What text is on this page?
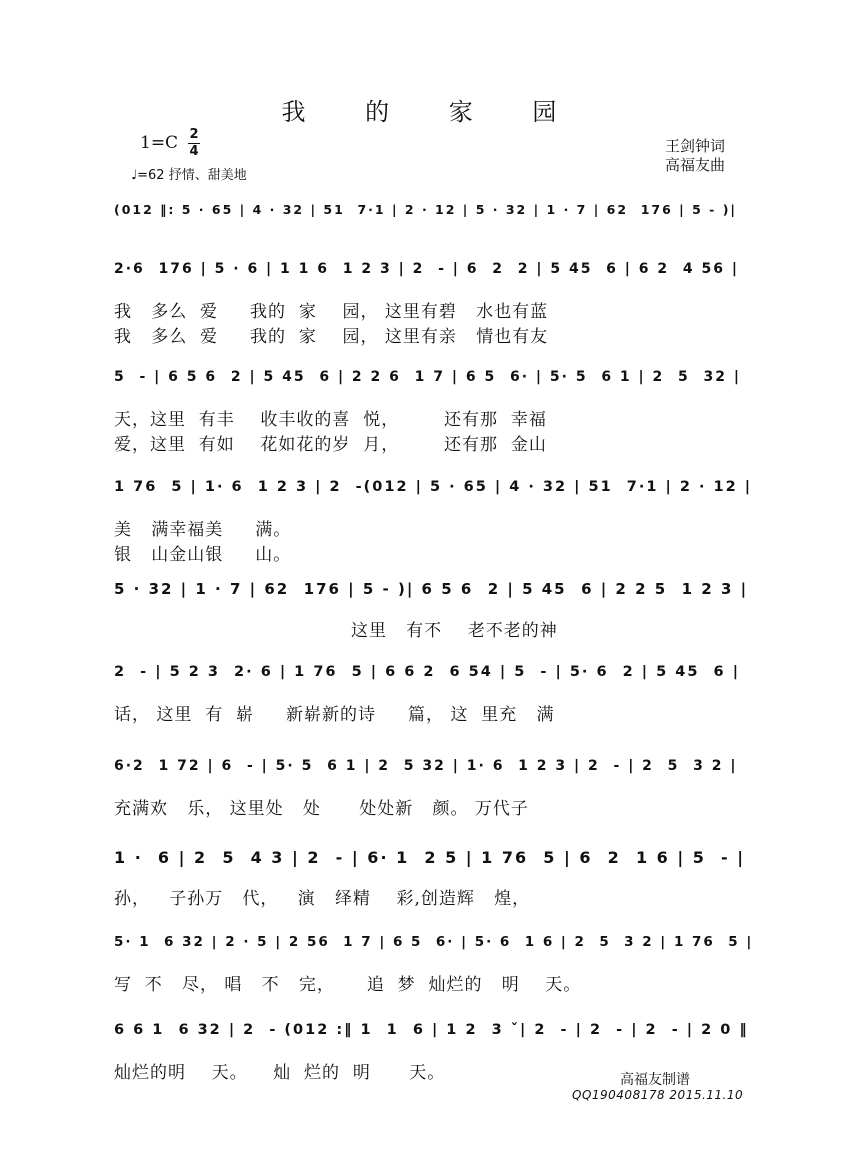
我 的 家 园
1=C 2
4
♩=62 抒情、甜美地
王剑钟词
高福友曲
(012 ‖: 5 · 65 | 4 · 32 | 51  7·1 | 2 · 12 | 5 · 32 | 1 · 7 | 62  176 | 5 - )|
2·6  176 | 5 · 6 | 1 1 6  1 2 3 | 2  - | 6  2  2 | 5 45  6 | 6 2  4 56 |
我   多么  爱     我的  家    园， 这里有碧   水也有蓝
我   多么  爱     我的  家    园， 这里有亲   情也有友
5  - | 6 5 6  2 | 5 45  6 | 2 2 6  1 7 | 6 5  6· | 5· 5  6 1 | 2  5  32 |
天，这里  有丰    收丰收的喜  悦，       还有那  幸福
爱，这里  有如    花如花的岁  月，       还有那  金山
1 76  5 | 1· 6  1 2 3 | 2  -(012 | 5 · 65 | 4 · 32 | 51  7·1 | 2 · 12 |
美   满幸福美     满。
银   山金山银     山。
5 · 32 | 1 · 7 | 62  176 | 5 - )| 6 5 6  2 | 5 45  6 | 2 2 5  1 2 3 |
这里   有不    老不老的神
2  - | 5 2 3  2· 6 | 1 76  5 | 6 6 2  6 54 | 5  - | 5· 6  2 | 5 45  6 |
话， 这里  有  崭     新崭新的诗     篇， 这  里充   满
6·2  1 72 | 6  - | 5· 5  6 1 | 2  5 32 | 1· 6  1 2 3 | 2  - | 2  5  3 2 |
充满欢   乐， 这里处   处      处处新   颜。 万代子
1 ·  6 | 2  5  4 3 | 2  - | 6· 1  2 5 | 1 76  5 | 6  2  1 6 | 5  - |
孙，   子孙万   代，   演   绎精    彩,创造辉   煌，
5· 1  6 32 | 2 · 5 | 2 56  1 7 | 6 5  6· | 5· 6  1 6 | 2  5  3 2 | 1 76  5 |
写  不   尽， 唱   不   完，     追  梦  灿烂的   明    天。
6 6 1  6 32 | 2  - (012 :‖ 1  1  6 | 1 2  3 ˇ| 2  - | 2  - | 2  - | 2 0 ‖
灿烂的明    天。    灿  烂的  明      天。	高福友制谱
QQ190408178 2015.11.10
